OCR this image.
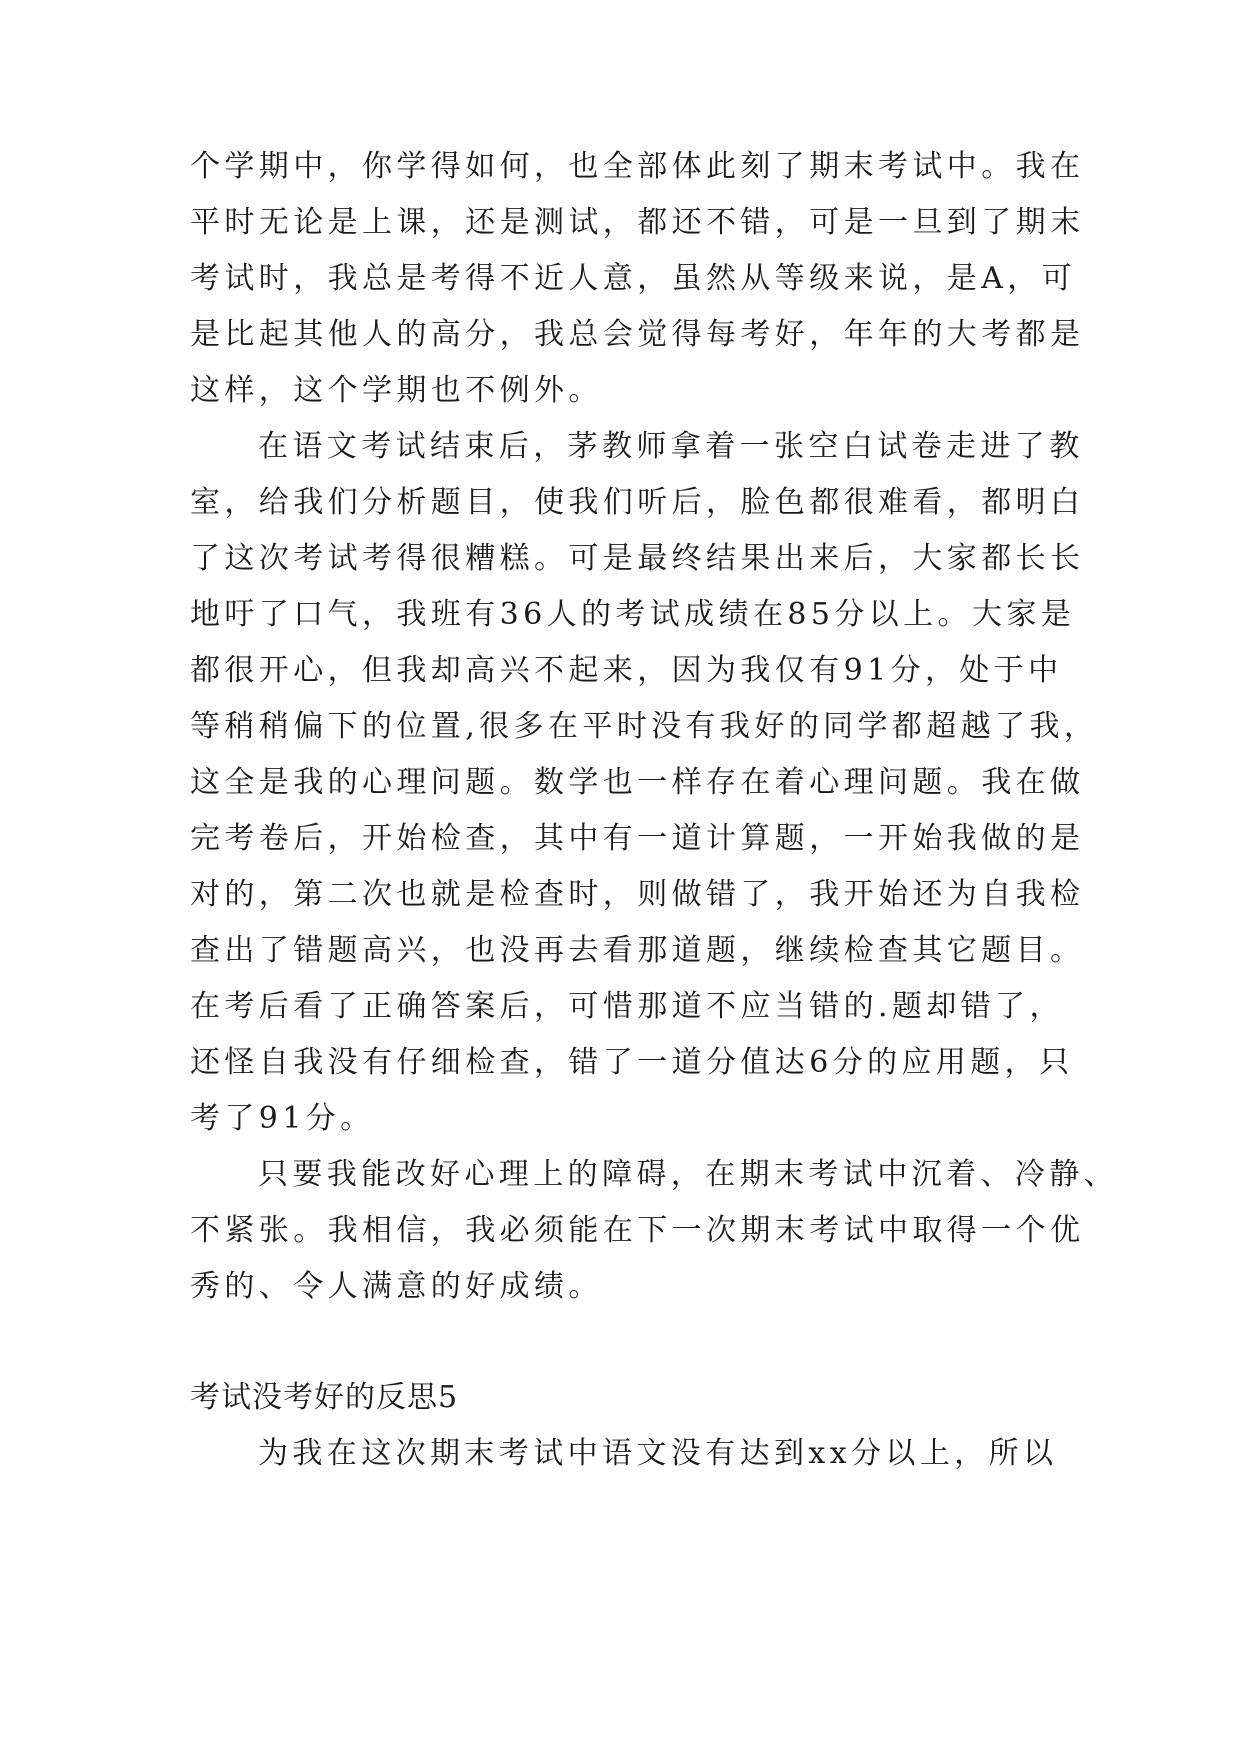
个学期中，你学得如何，也全部体此刻了期末考试中。我在
平时无论是上课，还是测试，都还不错，可是一旦到了期末
考试时，我总是考得不近人意，虽然从等级来说，是A，可
是比起其他人的高分，我总会觉得每考好，年年的大考都是
这样，这个学期也不例外。
在语文考试结束后，茅教师拿着一张空白试卷走进了教
室，给我们分析题目，使我们听后，脸色都很难看，都明白
了这次考试考得很糟糕。可是最终结果出来后，大家都长长
地吁了口气，我班有36人的考试成绩在85分以上。大家是
都很开心，但我却高兴不起来，因为我仅有91分，处于中
等稍稍偏下的位置,很多在平时没有我好的同学都超越了我，
这全是我的心理问题。数学也一样存在着心理问题。我在做
完考卷后，开始检查，其中有一道计算题，一开始我做的是
对的，第二次也就是检查时，则做错了，我开始还为自我检
查出了错题高兴，也没再去看那道题，继续检查其它题目。
在考后看了正确答案后，可惜那道不应当错的.题却错了，
还怪自我没有仔细检查，错了一道分值达6分的应用题，只
考了91分。
只要我能改好心理上的障碍，在期末考试中沉着、冷静、
不紧张。我相信，我必须能在下一次期末考试中取得一个优
秀的、令人满意的好成绩。
考试没考好的反思5
为我在这次期末考试中语文没有达到xx分以上，所以
